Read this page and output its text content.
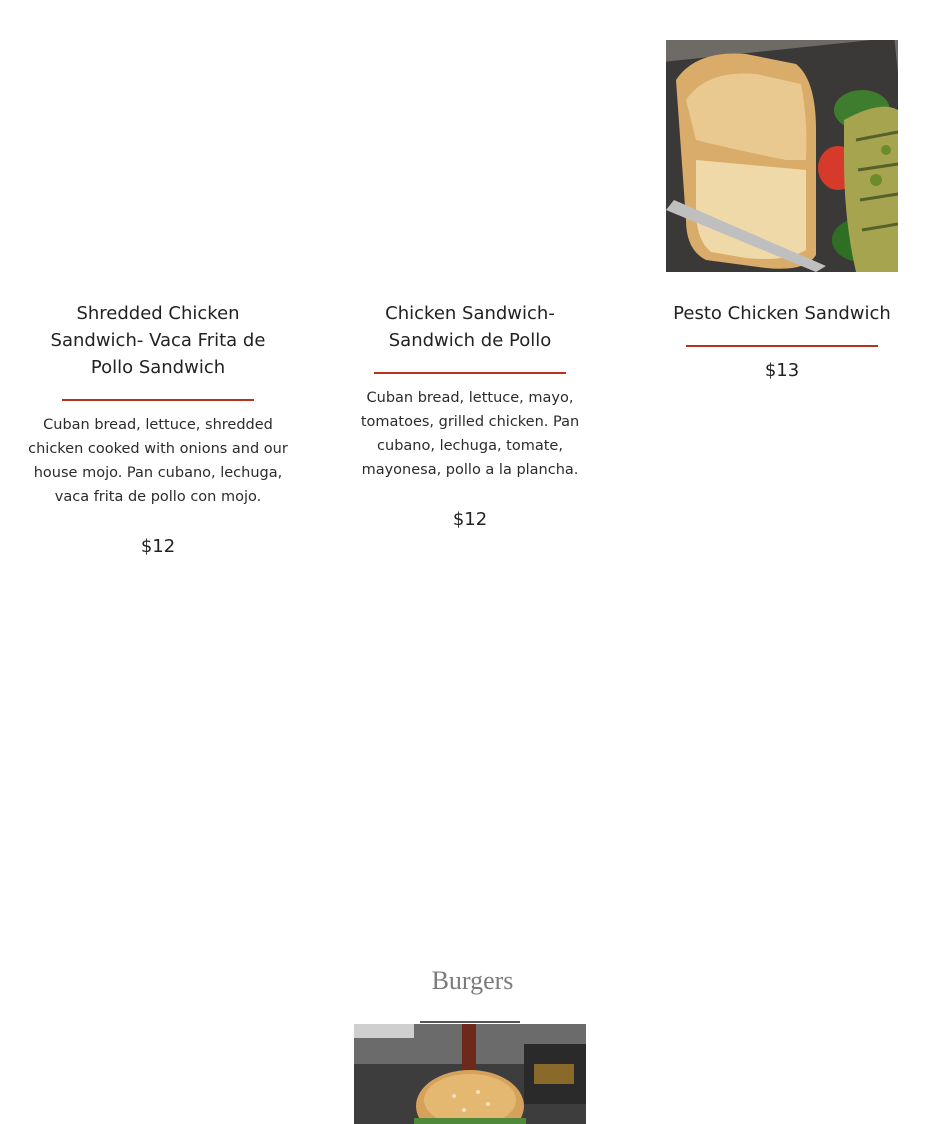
Shredded Chicken Sandwich- Vaca Frita de Pollo Sandwich

Cuban bread, lettuce, shredded chicken cooked with onions and our house mojo. Pan cubano, lechuga, vaca frita de pollo con mojo.

$12

Chicken Sandwich- Sandwich de Pollo

Cuban bread, lettuce, mayo, tomatoes, grilled chicken. Pan cubano, lechuga, tomate, mayonesa, pollo a la plancha.

$12

Pesto Chicken Sandwich

$13

Burgers
